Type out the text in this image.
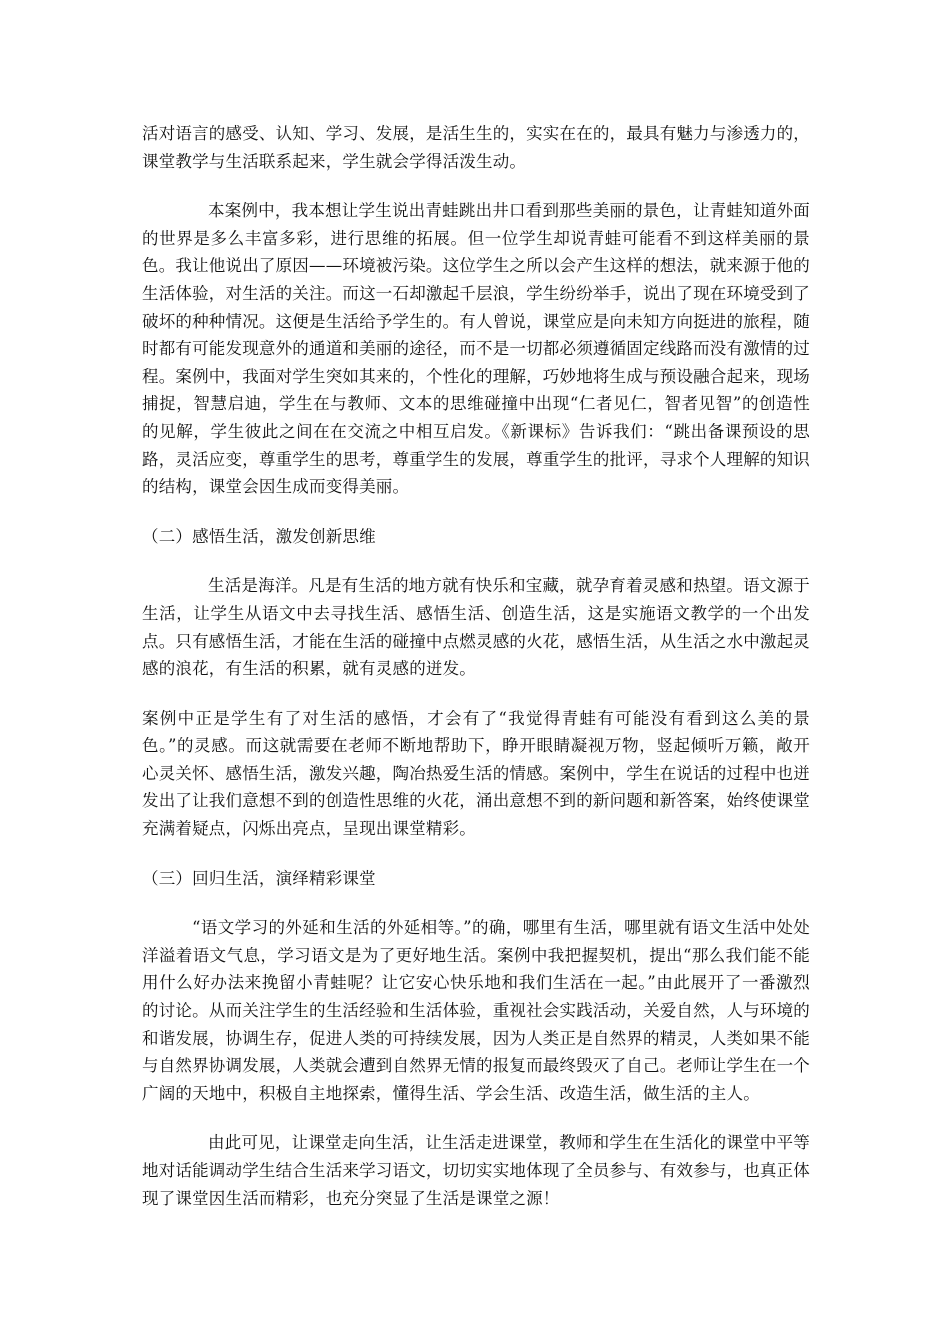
活对语言的感受、认知、学习、发展，是活生生的，实实在在的，最具有魅力与渗透力的，课堂教学与生活联系起来，学生就会学得活泼生动。

本案例中，我本想让学生说出青蛙跳出井口看到那些美丽的景色，让青蛙知道外面的世界是多么丰富多彩，进行思维的拓展。但一位学生却说青蛙可能看不到这样美丽的景色。我让他说出了原因——环境被污染。这位学生之所以会产生这样的想法，就来源于他的生活体验，对生活的关注。而这一石却激起千层浪，学生纷纷举手，说出了现在环境受到了破坏的种种情况。这便是生活给予学生的。有人曾说，课堂应是向未知方向挺进的旅程，随时都有可能发现意外的通道和美丽的途径，而不是一切都必须遵循固定线路而没有激情的过程。案例中，我面对学生突如其来的，个性化的理解，巧妙地将生成与预设融合起来，现场捕捉，智慧启迪，学生在与教师、文本的思维碰撞中出现“仁者见仁，智者见智”的创造性的见解，学生彼此之间在在交流之中相互启发。《新课标》告诉我们：“跳出备课预设的思路，灵活应变，尊重学生的思考，尊重学生的发展，尊重学生的批评，寻求个人理解的知识的结构，课堂会因生成而变得美丽。

（二）感悟生活，激发创新思维

生活是海洋。凡是有生活的地方就有快乐和宝藏，就孕育着灵感和热望。语文源于生活，让学生从语文中去寻找生活、感悟生活、创造生活，这是实施语文教学的一个出发点。只有感悟生活，才能在生活的碰撞中点燃灵感的火花，感悟生活，从生活之水中激起灵感的浪花，有生活的积累，就有灵感的迸发。

案例中正是学生有了对生活的感悟，才会有了“我觉得青蛙有可能没有看到这么美的景色。”的灵感。而这就需要在老师不断地帮助下，睁开眼睛凝视万物，竖起倾听万籁，敞开心灵关怀、感悟生活，激发兴趣，陶冶热爱生活的情感。案例中，学生在说话的过程中也迸发出了让我们意想不到的创造性思维的火花，涌出意想不到的新问题和新答案，始终使课堂充满着疑点，闪烁出亮点，呈现出课堂精彩。

（三）回归生活，演绎精彩课堂

“语文学习的外延和生活的外延相等。”的确，哪里有生活，哪里就有语文生活中处处洋溢着语文气息，学习语文是为了更好地生活。案例中我把握契机，提出“那么我们能不能用什么好办法来挽留小青蛙呢？让它安心快乐地和我们生活在一起。”由此展开了一番激烈的讨论。从而关注学生的生活经验和生活体验，重视社会实践活动，关爱自然，人与环境的和谐发展，协调生存，促进人类的可持续发展，因为人类正是自然界的精灵，人类如果不能与自然界协调发展，人类就会遭到自然界无情的报复而最终毁灭了自己。老师让学生在一个广阔的天地中，积极自主地探索，懂得生活、学会生活、改造生活，做生活的主人。

由此可见，让课堂走向生活，让生活走进课堂，教师和学生在生活化的课堂中平等地对话能调动学生结合生活来学习语文，切切实实地体现了全员参与、有效参与，也真正体现了课堂因生活而精彩，也充分突显了生活是课堂之源！
